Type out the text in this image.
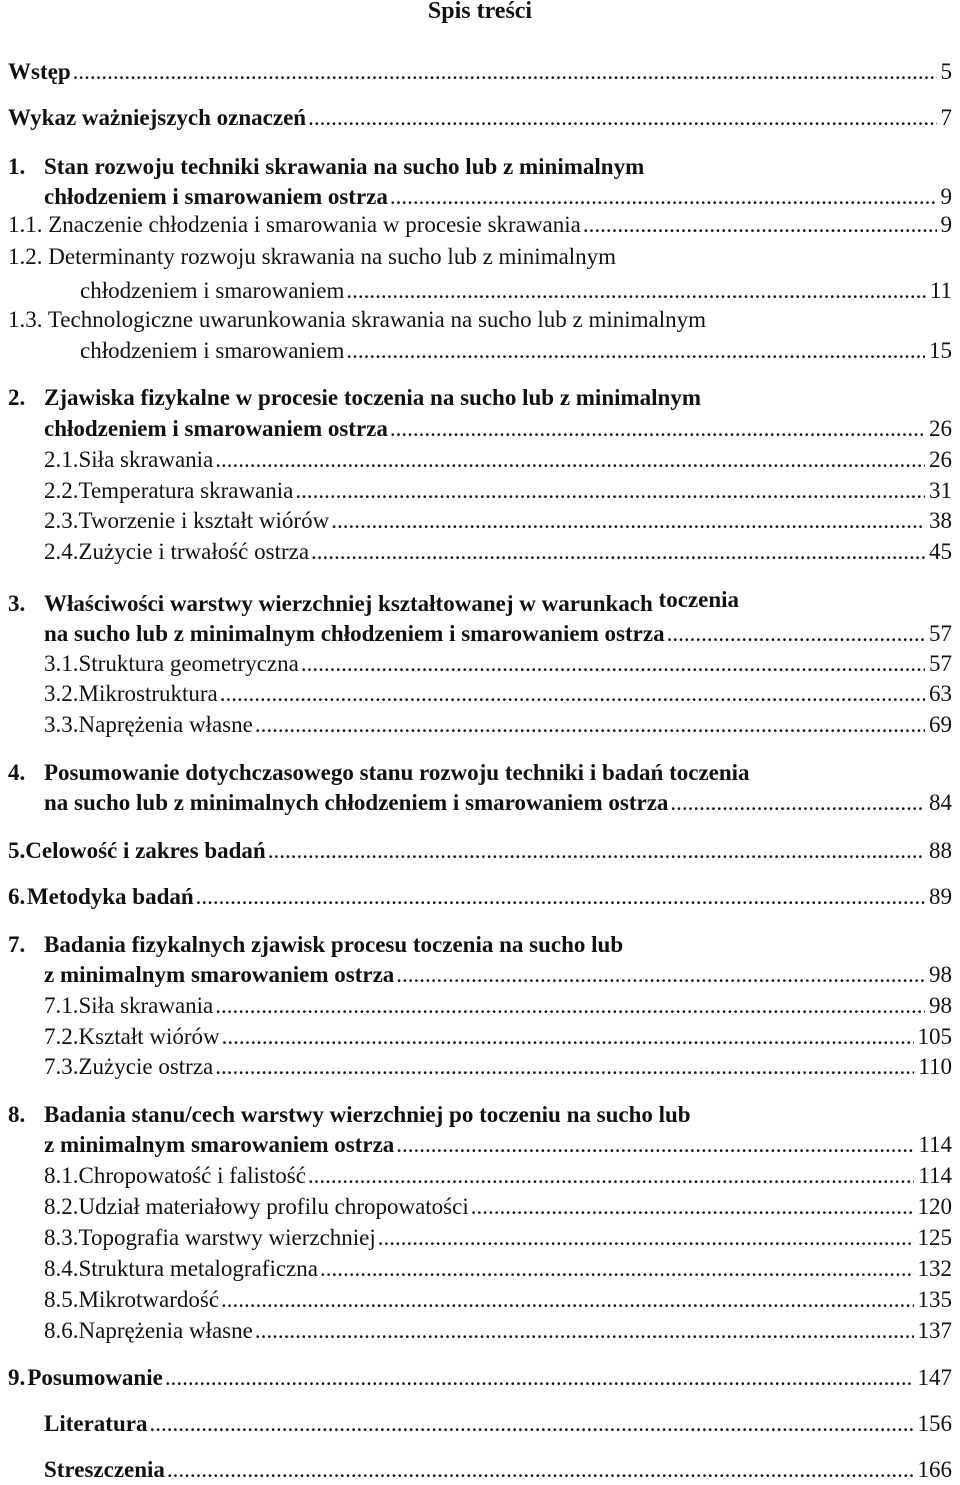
Spis treści
Wstęp .....	5
Wykaz ważniejszych oznaczeń .....	7
1. Stan rozwoju techniki skrawania na sucho lub z minimalnym
chłodzeniem i smarowaniem ostrza .....	9
1.1. Znaczenie chłodzenia i smarowania w procesie skrawania .....	9
1.2. Determinanty rozwoju skrawania na sucho lub z minimalnym
chłodzeniem i smarowaniem .....	11
1.3. Technologiczne uwarunkowania skrawania na sucho lub z minimalnym
chłodzeniem i smarowaniem .....	15
2. Zjawiska fizykalne w procesie toczenia na sucho lub z minimalnym
chłodzeniem i smarowaniem ostrza .....	26
2.1. Siła skrawania .....	26
2.2. Temperatura skrawania .....	31
2.3. Tworzenie i kształt wiórów .....	38
2.4. Zużycie i trwałość ostrza .....	45
3. Właściwości warstwy wierzchniej kształtowanej w warunkach toczenia
na sucho lub z minimalnym chłodzeniem i smarowaniem ostrza .....	57
3.1. Struktura geometryczna .....	57
3.2. Mikrostruktura .....	63
3.3. Naprężenia własne .....	69
4. Posumowanie dotychczasowego stanu rozwoju techniki i badań toczenia
na sucho lub z minimalnych chłodzeniem i smarowaniem ostrza .....	84
5. Celowość i zakres badań .....	88
6. Metodyka badań .....	89
7. Badania fizykalnych zjawisk procesu toczenia na sucho lub
z minimalnym smarowaniem ostrza .....	98
7.1. Siła skrawania .....	98
7.2. Kształt wiórów .....	105
7.3. Zużycie ostrza .....	110
8. Badania stanu/cech warstwy wierzchniej po toczeniu na sucho lub
z minimalnym smarowaniem ostrza .....	114
8.1. Chropowatość i falistość .....	114
8.2. Udział materiałowy profilu chropowatości .....	120
8.3. Topografia warstwy wierzchniej .....	125
8.4. Struktura metalograficzna .....	132
8.5. Mikrotwardość .....	135
8.6. Naprężenia własne .....	137
9. Posumowanie .....	147
Literatura .....	156
Streszczenia .....	166
